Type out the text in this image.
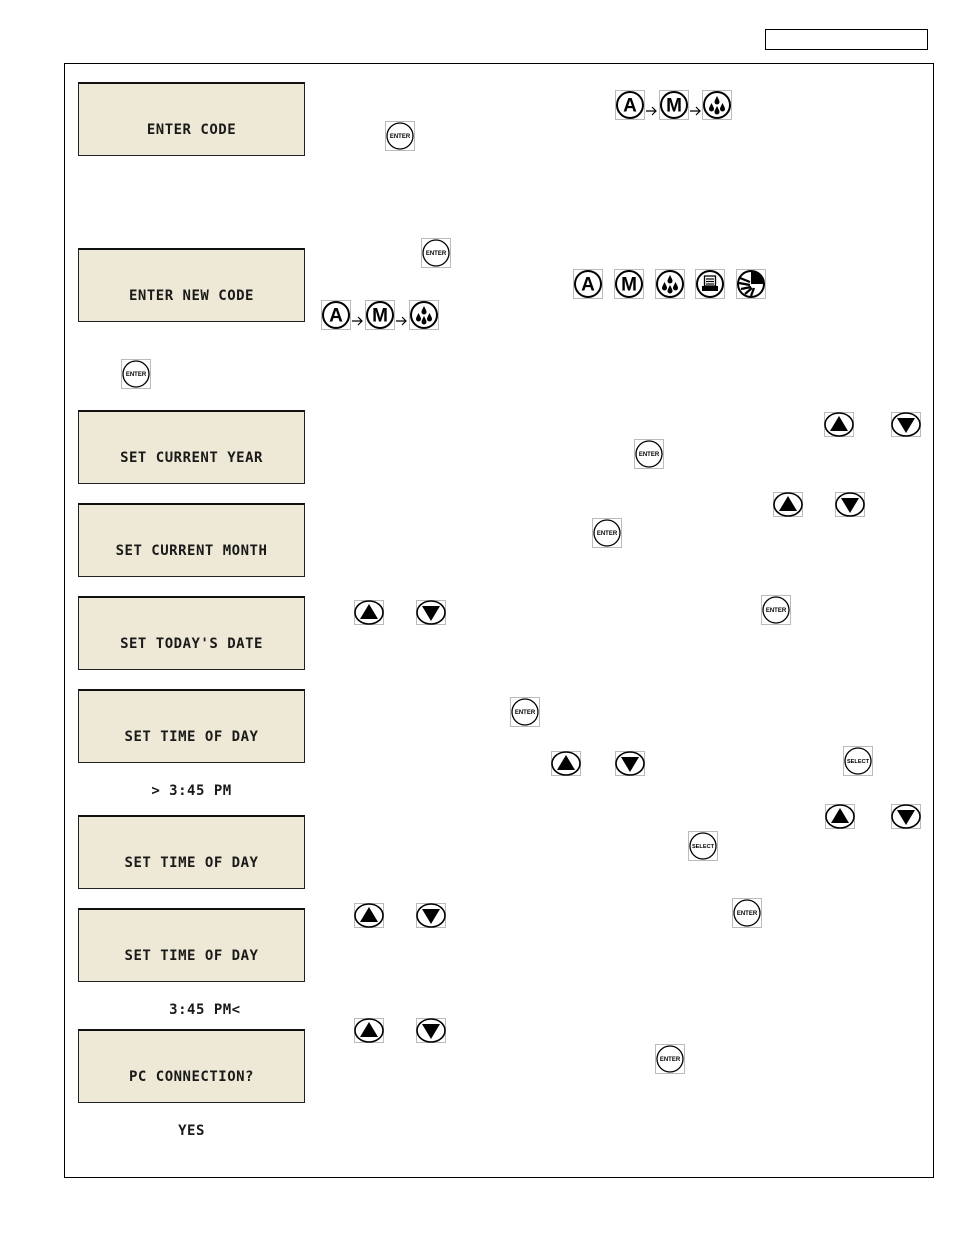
ENTER CODE

ENTER NEW CODE

SET CURRENT YEAR

SET CURRENT MONTH

SET TODAY'S DATE

SET TIME OF DAY

> 3:45 PM

SET TIME OF DAY

SET TIME OF DAY

3:45 PM<

PC CONNECTION?

YES

A M
ENTER
ENTER
A M
A M
ENTER
ENTER
ENTER
ENTER
ENTER
SELECT
SELECT
ENTER
ENTER
